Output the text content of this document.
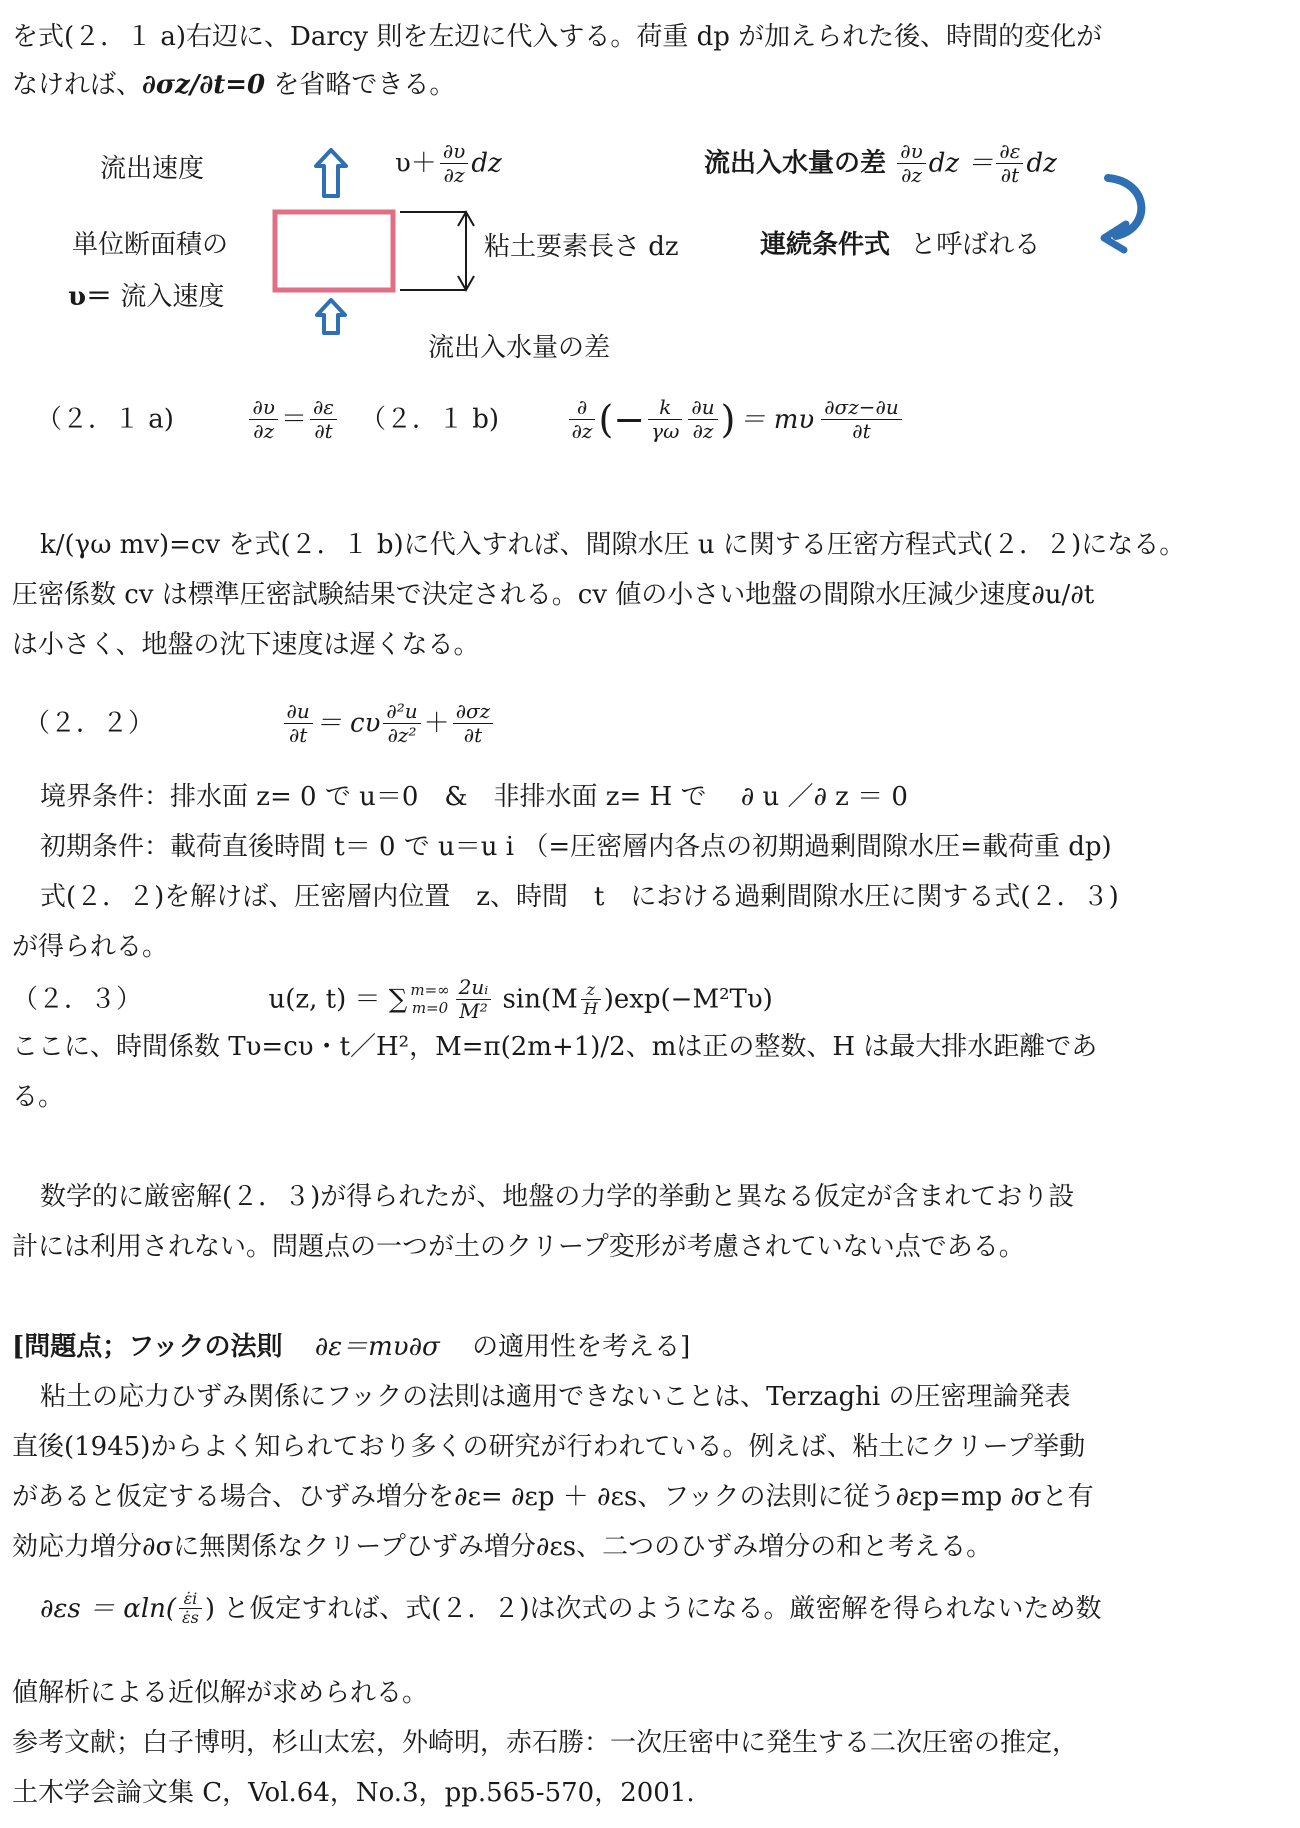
を式(２．１ a)右辺に、Darcy 則を左辺に代入する。荷重 dp が加えられた後、時間的変化が
なければ、∂σz/∂t=0 を省略できる。
流出速度
単位断面積の
υ＝ 流入速度
$\upsilon+ \frac{\partial\upsilon}{\partial z}$ dz
粘土要素長さ dz
流出入水量の差
流出入水量の差 $\frac{\partial\upsilon}{\partial z}$ dz ＝ $\frac{\partial\varepsilon}{\partial t}$ dz
連続条件式 と呼ばれる
（２．１ a)	$\frac{\partial\upsilon}{\partial z} = \frac{\partial\varepsilon}{\partial t} (2$．１ b)	$\frac{\partial}{\partial z}$ (− $\frac{k}{\gamma\omega} \frac{\partial u}{\partial z}$ ) ＝ mυ $\frac{\partial\sigma z-\partial u}{\partial t}$
k/(γω mv)=cv を式(２．１ b)に代入すれば、間隙水圧 u に関する圧密方程式式(２．２)になる。
圧密係数 cv は標準圧密試験結果で決定される。cv 値の小さい地盤の間隙水圧減少速度∂u/∂t
は小さく、地盤の沈下速度は遅くなる。
（２．２）	$\frac{\partial u}{\partial t} = c\upsilon \frac{\text{∂²u}}{\text{∂z²}} + \frac{\partial\sigma z}{\partial t}$
境界条件：排水面 z= 0 で u＝0　&　非排水面 z= H で　 ∂ u ／∂ z ＝ 0
初期条件：載荷直後時間 t＝ 0 で u＝u i （=圧密層内各点の初期過剰間隙水圧=載荷重 dp)
式(２．２)を解けば、圧密層内位置　z、時間　t　における過剰間隙水圧に関する式(２．３)
が得られる。
（２．３）	u(z, t) ＝ ∑ m=∞
$m=0 \frac{\text{2uᵢ}}{\text{M²}} \sin(M \frac{z}{H} )\exp(-M^2T\upsilon)$
ここに、時間係数 Tυ=cυ・t／H²，M=π(2m+1)/2、mは正の整数、H は最大排水距離であ
る。
数学的に厳密解(２．３)が得られたが、地盤の力学的挙動と異なる仮定が含まれており設
計には利用されない。問題点の一つが土のクリープ変形が考慮されていない点である。
[問題点；フックの法則 ∂ε＝mυ∂σ の適用性を考える]
粘土の応力ひずみ関係にフックの法則は適用できないことは、Terzaghi の圧密理論発表
直後(1945)からよく知られており多くの研究が行われている。例えば、粘土にクリープ挙動
があると仮定する場合、ひずみ増分を∂ε= ∂εp ＋ ∂εs、フックの法則に従う∂εp=mp ∂σと有
効応力増分∂σに無関係なクリープひずみ増分∂εs、二つのひずみ増分の和と考える。
$\partial\varepsilon s = \alpha\ln( \frac{\varepsiloṅi}{\varepsiloṅs}$ ) と仮定すれば、式(２．２)は次式のようになる。厳密解を得られないため数
値解析による近似解が求められる。
参考文献；白子博明，杉山太宏，外崎明，赤石勝：一次圧密中に発生する二次圧密の推定，
土木学会論文集 C，Vol.64，No.3，pp.565-570，2001.
